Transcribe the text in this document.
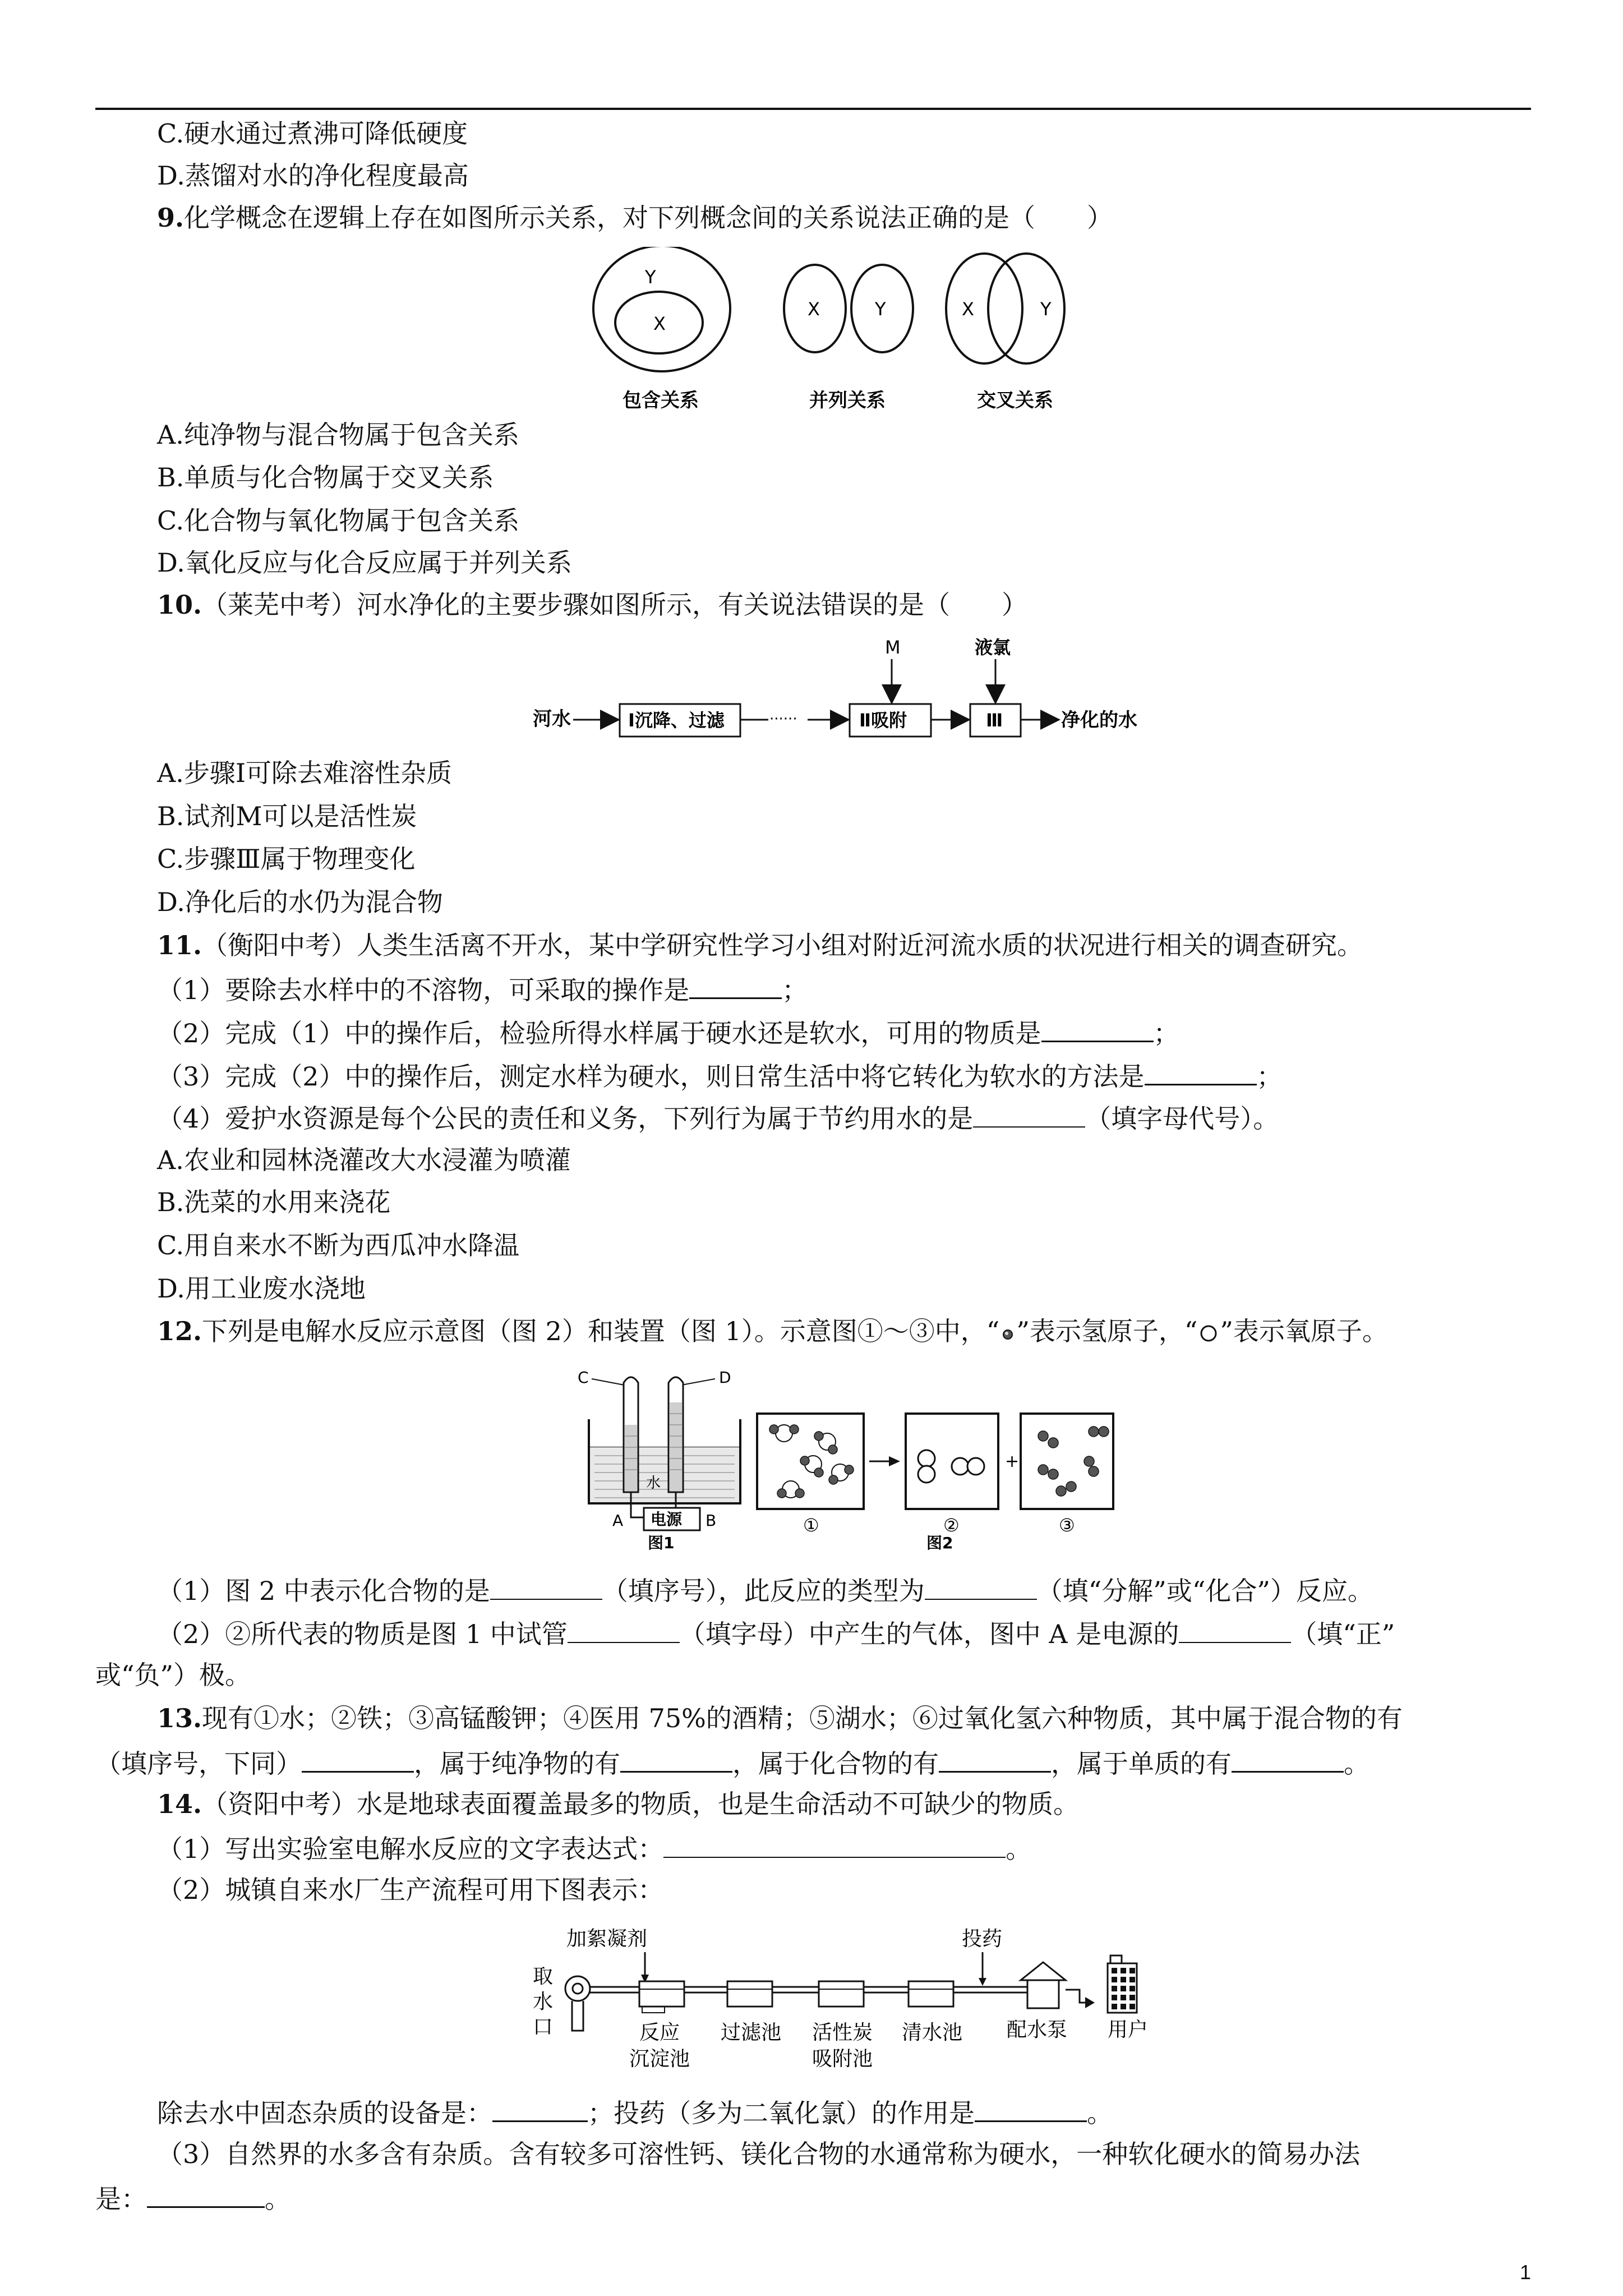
C.硬水通过煮沸可降低硬度
D.蒸馏对水的净化程度最高
9.化学概念在逻辑上存在如图所示关系，对下列概念间的关系说法正确的是（　　）
Y
X
X	Y	X	Y
包含关系	并列关系	交叉关系
A.纯净物与混合物属于包含关系
B.单质与化合物属于交叉关系
C.化合物与氧化物属于包含关系
D.氧化反应与化合反应属于并列关系
10.（莱芜中考）河水净化的主要步骤如图所示，有关说法错误的是（　　）
河水	Ⅰ沉降、过滤	······	Ⅱ吸附
M
Ⅲ
液氯
净化的水
A.步骤Ⅰ可除去难溶性杂质
B.试剂M可以是活性炭
C.步骤Ⅲ属于物理变化
D.净化后的水仍为混合物
11.（衡阳中考）人类生活离不开水，某中学研究性学习小组对附近河流水质的状况进行相关的调查研究。
（1）要除去水样中的不溶物，可采取的操作是	；
（2）完成（1）中的操作后，检验所得水样属于硬水还是软水，可用的物质是	；
（3）完成（2）中的操作后，测定水样为硬水，则日常生活中将它转化为软水的方法是	；
（4）爱护水资源是每个公民的责任和义务，下列行为属于节约用水的是	（填字母代号）。
A.农业和园林浇灌改大水浸灌为喷灌
B.洗菜的水用来浇花
C.用自来水不断为西瓜冲水降温
D.用工业废水浇地
12.下列是电解水反应示意图（图 2）和装置（图 1）。示意图①～③中，“ ”表示氢原子，“ ”表示氧原子。
C	D
水
电源
A	B
图1
①	②
+
③
图2
（1）图 2 中表示化合物的是	（填序号），此反应的类型为	（填“分解”或“化合”）反应。
（2）②所代表的物质是图 1 中试管	（填字母）中产生的气体，图中 A 是电源的	（填“正”
或“负”）极。
13.现有①水；②铁；③高锰酸钾；④医用 75%的酒精；⑤湖水；⑥过氧化氢六种物质，其中属于混合物的有
（填序号，下同）	，属于纯净物的有	，属于化合物的有	，属于单质的有	。
14.（资阳中考）水是地球表面覆盖最多的物质，也是生命活动不可缺少的物质。
（1）写出实验室电解水反应的文字表达式：	。
（2）城镇自来水厂生产流程可用下图表示：
加絮凝剂	投药
取
水
口	反应
沉淀池
过滤池 活性炭
吸附池
清水池 配水泵 用户
除去水中固态杂质的设备是：	；投药（多为二氧化氯）的作用是	。
（3）自然界的水多含有杂质。含有较多可溶性钙、镁化合物的水通常称为硬水，一种软化硬水的简易办法
是：	。
1
